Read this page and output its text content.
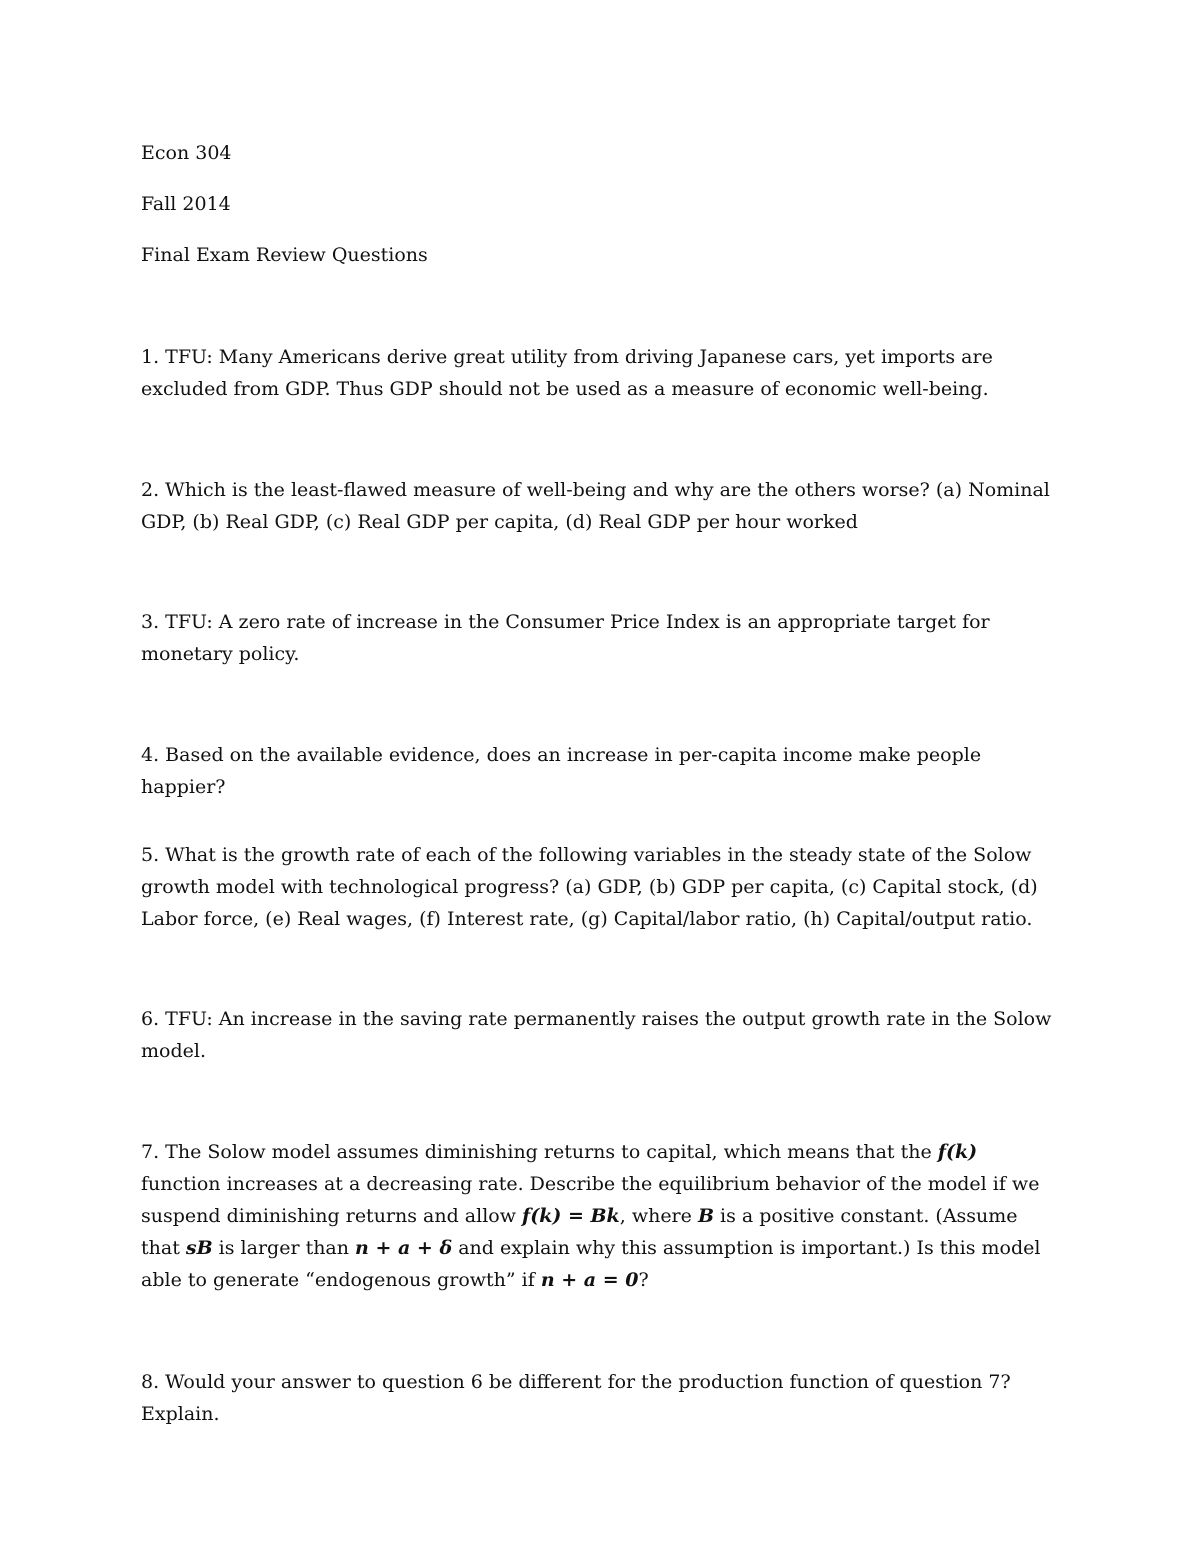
Econ 304
Fall 2014
Final Exam Review Questions

1. TFU: Many Americans derive great utility from driving Japanese cars, yet imports are excluded from GDP. Thus GDP should not be used as a measure of economic well-being.

2. Which is the least-flawed measure of well-being and why are the others worse? (a) Nominal GDP, (b) Real GDP, (c) Real GDP per capita, (d) Real GDP per hour worked

3. TFU: A zero rate of increase in the Consumer Price Index is an appropriate target for monetary policy.

4. Based on the available evidence, does an increase in per-capita income make people happier?

5. What is the growth rate of each of the following variables in the steady state of the Solow growth model with technological progress? (a) GDP, (b) GDP per capita, (c) Capital stock, (d) Labor force, (e) Real wages, (f) Interest rate, (g) Capital/labor ratio, (h) Capital/output ratio.

6. TFU: An increase in the saving rate permanently raises the output growth rate in the Solow model.

7. The Solow model assumes diminishing returns to capital, which means that the f(k) function increases at a decreasing rate. Describe the equilibrium behavior of the model if we suspend diminishing returns and allow f(k) = Bk, where B is a positive constant. (Assume that sB is larger than n + a + δ and explain why this assumption is important.) Is this model able to generate “endogenous growth” if n + a = 0?

8. Would your answer to question 6 be different for the production function of question 7? Explain.
